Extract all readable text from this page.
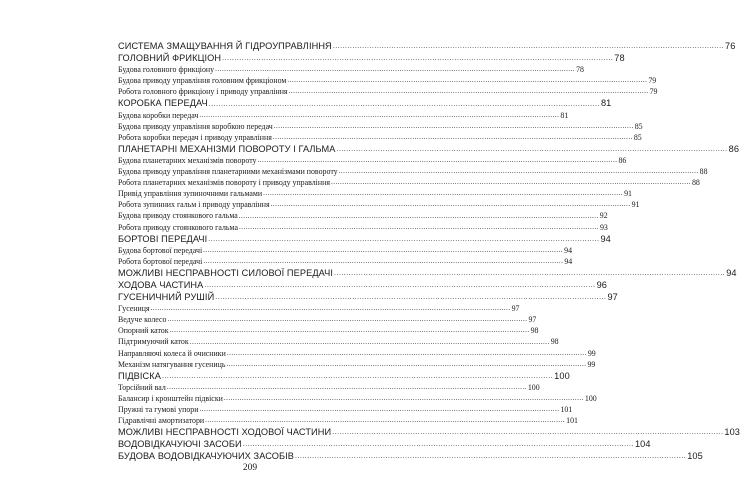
СИСТЕМА ЗМАЩУВАННЯ Й ГІДРОУПРАВЛІННЯ .....	76
ГОЛОВНИЙ ФРИКЦІОН .....	78
Будова головного фрикціону .....	78
Будова приводу управління головним фрикціоном .....	79
Робота головного фрикціону і приводу управління .....	79
КОРОБКА ПЕРЕДАЧ .....	81
Будова коробки передач .....	81
Будова приводу управління коробкою передач .....	85
Робота коробки передач і приводу управління .....	85
ПЛАНЕТАРНІ МЕХАНІЗМИ ПОВОРОТУ І ГАЛЬМА .....	86
Будова планетарних механізмів повороту .....	86
Будова приводу управління планетарними механізмами повороту .....	88
Робота планетарних механізмів повороту і приводу управління .....	88
Привід управління зупиночними гальмами .....	91
Робота зупинних гальм і приводу управління .....	91
Будова приводу стоянкового гальма .....	92
Робота приводу стоянкового гальма .....	93
БОРТОВІ ПЕРЕДАЧІ .....	94
Будова бортової передачі .....	94
Робота бортової передачі .....	94
МОЖЛИВІ НЕСПРАВНОСТІ СИЛОВОЇ ПЕРЕДАЧІ .....	94
ХОДОВА ЧАСТИНА .....	96
ГУСЕНИЧНИЙ РУШІЙ .....	97
Гусениця .....	97
Ведуче колесо .....	97
Опорний каток .....	98
Підтримуючий каток .....	98
Направляючі колеса й очисники .....	99
Механізм натягування гусениць .....	99
ПІДВІСКА .....	100
Торсійний вал .....	100
Балансир і кронштейн підвіски .....	100
Пружні та гумові упори .....	101
Гідравлічні амортизатори .....	101
МОЖЛИВІ НЕСПРАВНОСТІ ХОДОВОЇ ЧАСТИНИ .....	103
ВОДОВІДКАЧУЮЧІ ЗАСОБИ .....	104
БУДОВА ВОДОВІДКАЧУЮЧИХ ЗАСОБІВ .....	105
209
